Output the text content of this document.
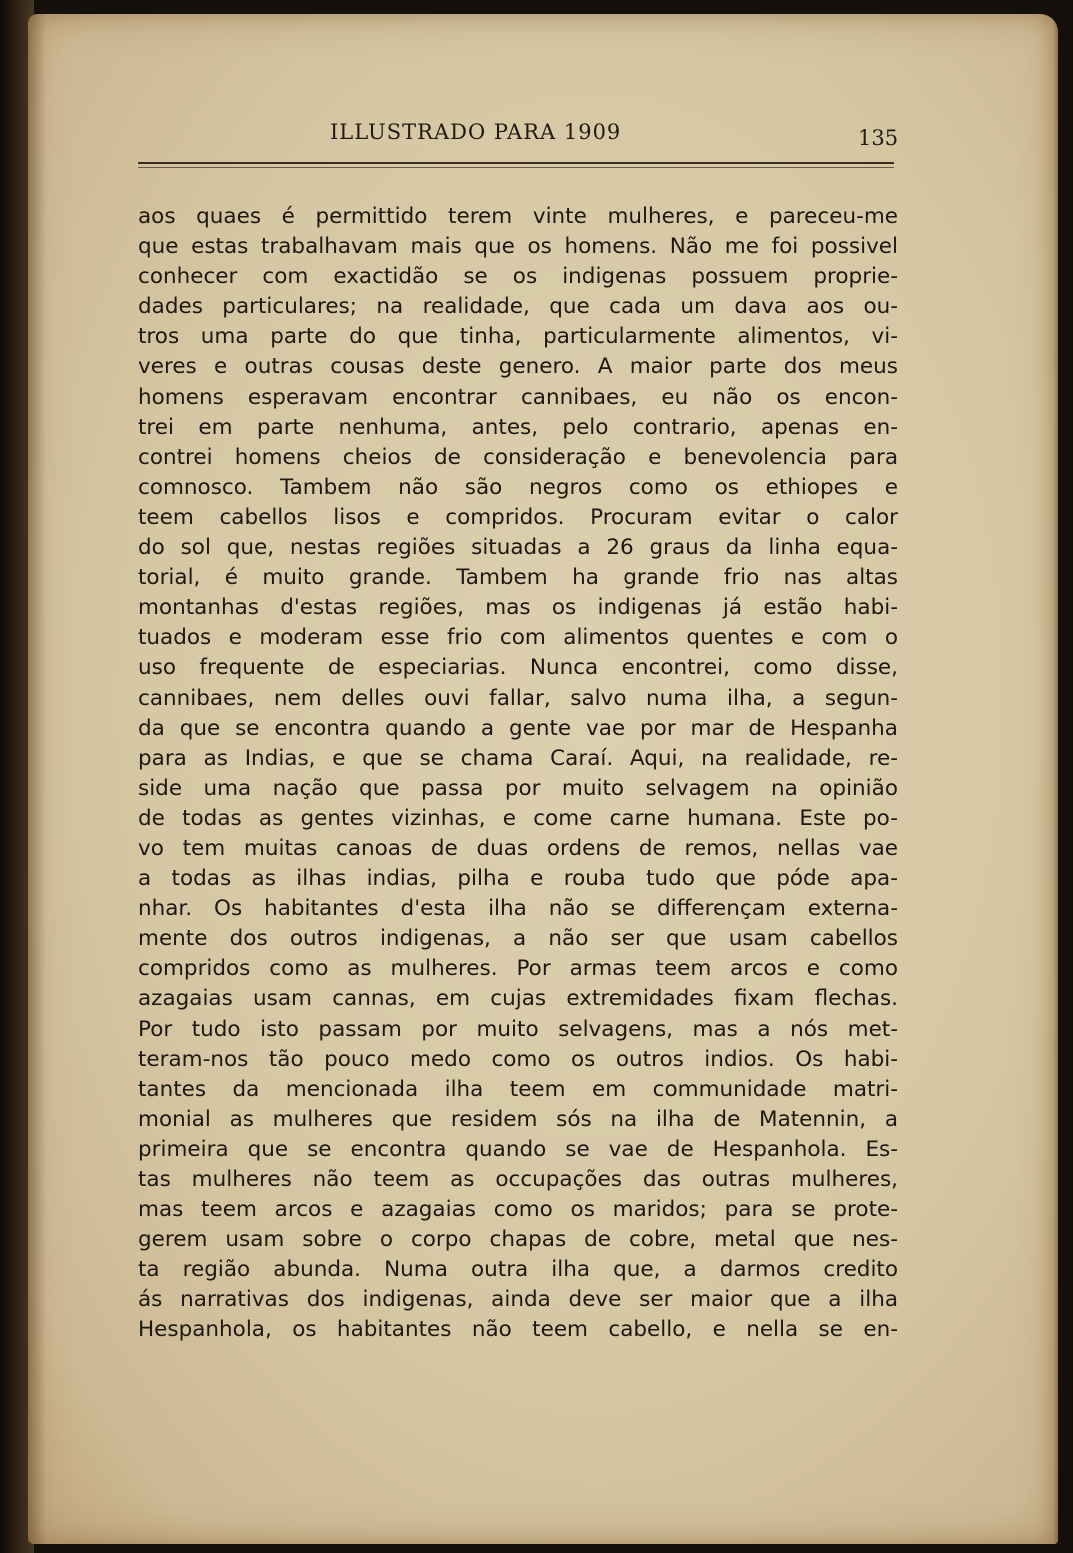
ILLUSTRADO PARA 1909	135
aos quaes é permittido terem vinte mulheres, e pareceu-me
que estas trabalhavam mais que os homens. Não me foi possivel
conhecer com exactidão se os indigenas possuem proprie-
dades particulares; na realidade, que cada um dava aos ou-
tros uma parte do que tinha, particularmente alimentos, vi-
veres e outras cousas deste genero. A maior parte dos meus
homens esperavam encontrar cannibaes, eu não os encon-
trei em parte nenhuma, antes, pelo contrario, apenas en-
contrei homens cheios de consideração e benevolencia para
comnosco. Tambem não são negros como os ethiopes e
teem cabellos lisos e compridos. Procuram evitar o calor
do sol que, nestas regiões situadas a 26 graus da linha equa-
torial, é muito grande. Tambem ha grande frio nas altas
montanhas d'estas regiões, mas os indigenas já estão habi-
tuados e moderam esse frio com alimentos quentes e com o
uso frequente de especiarias. Nunca encontrei, como disse,
cannibaes, nem delles ouvi fallar, salvo numa ilha, a segun-
da que se encontra quando a gente vae por mar de Hespanha
para as Indias, e que se chama Caraí. Aqui, na realidade, re-
side uma nação que passa por muito selvagem na opinião
de todas as gentes vizinhas, e come carne humana. Este po-
vo tem muitas canoas de duas ordens de remos, nellas vae
a todas as ilhas indias, pilha e rouba tudo que póde apa-
nhar. Os habitantes d'esta ilha não se differençam externa-
mente dos outros indigenas, a não ser que usam cabellos
compridos como as mulheres. Por armas teem arcos e como
azagaias usam cannas, em cujas extremidades fixam flechas.
Por tudo isto passam por muito selvagens, mas a nós met-
teram-nos tão pouco medo como os outros indios. Os habi-
tantes da mencionada ilha teem em communidade matri-
monial as mulheres que residem sós na ilha de Matennin, a
primeira que se encontra quando se vae de Hespanhola. Es-
tas mulheres não teem as occupações das outras mulheres,
mas teem arcos e azagaias como os maridos; para se prote-
gerem usam sobre o corpo chapas de cobre, metal que nes-
ta região abunda. Numa outra ilha que, a darmos credito
ás narrativas dos indigenas, ainda deve ser maior que a ilha
Hespanhola, os habitantes não teem cabello, e nella se en-
